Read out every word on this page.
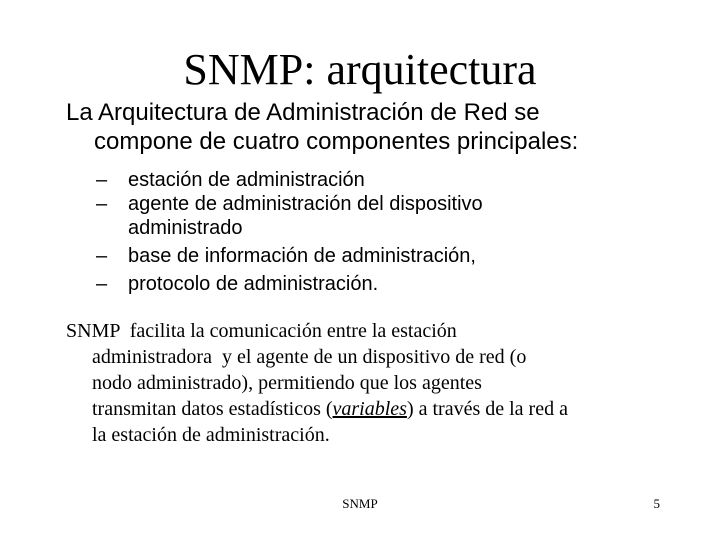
SNMP: arquitectura

La Arquitectura de Administración de Red se
compone de cuatro componentes principales:

– estación de administración
– agente de administración del dispositivo
administrado
– base de información de administración,
– protocolo de administración.

SNMP  facilita la comunicación entre la estación
administradora  y el agente de un dispositivo de red (o
nodo administrado), permitiendo que los agentes
transmitan datos estadísticos (variables) a través de la red a
la estación de administración.

SNMP	5
